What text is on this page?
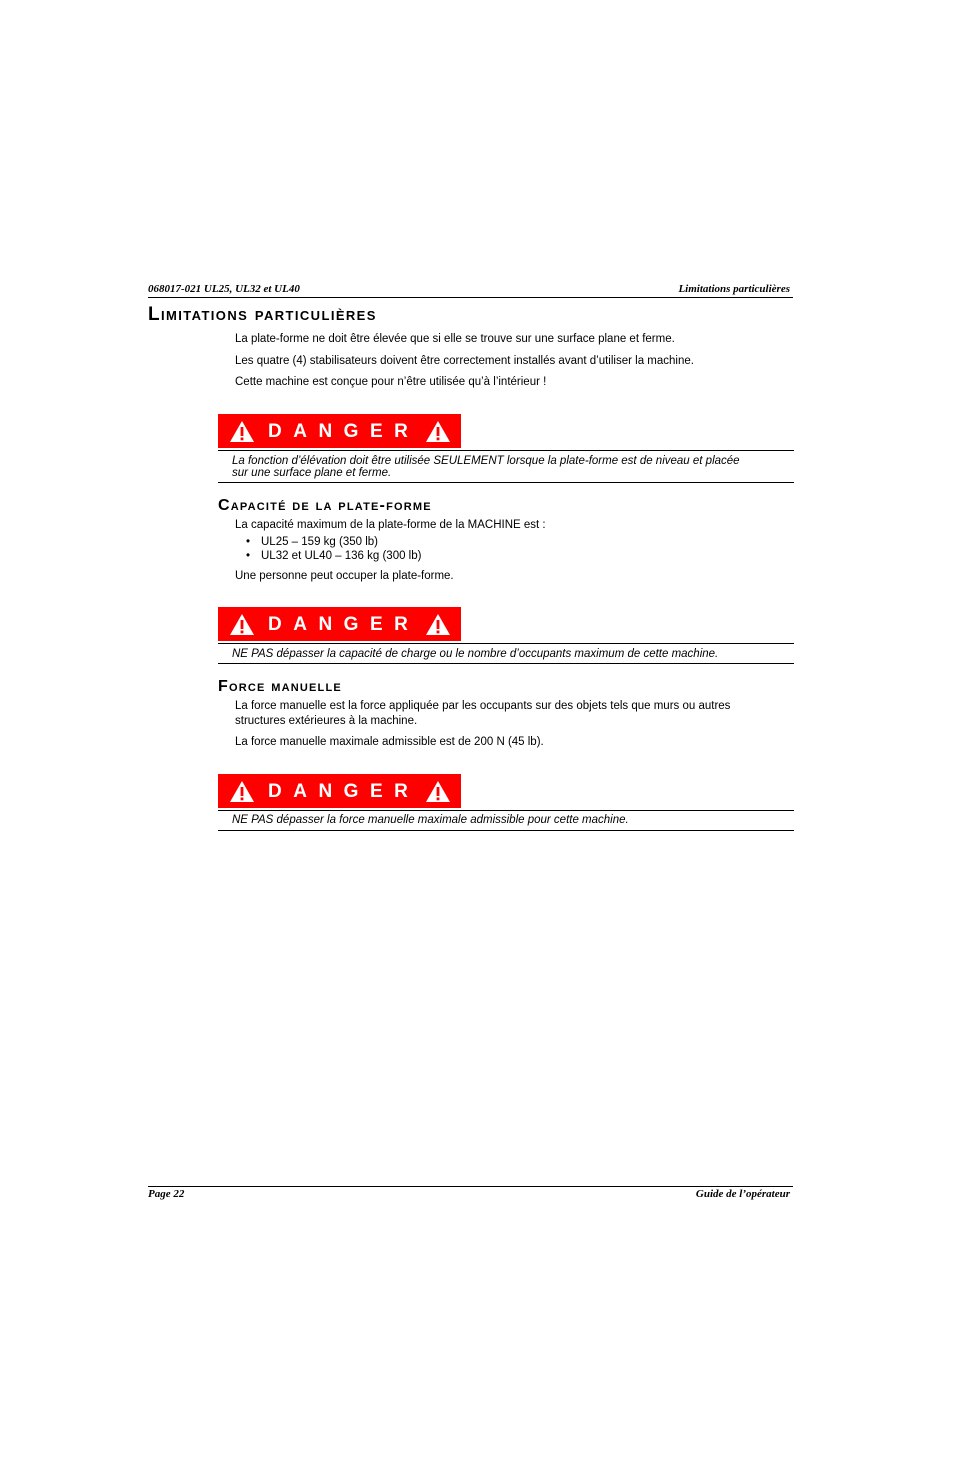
068017-021 UL25, UL32 et UL40	Limitations particulières
Limitations particulières
La plate-forme ne doit être élevée que si elle se trouve sur une surface plane et ferme.
Les quatre (4) stabilisateurs doivent être correctement installés avant d’utiliser la machine.
Cette machine est conçue pour n’être utilisée qu’à l’intérieur !
DANGER
La fonction d’élévation doit être utilisée SEULEMENT lorsque la plate-forme est de niveau et placée
sur une surface plane et ferme.
Capacité de la plate-forme
La capacité maximum de la plate-forme de la MACHINE est :
• UL25 – 159 kg (350 lb)
• UL32 et UL40 – 136 kg (300 lb)
Une personne peut occuper la plate-forme.
DANGER
NE PAS dépasser la capacité de charge ou le nombre d’occupants maximum de cette machine.
Force manuelle
La force manuelle est la force appliquée par les occupants sur des objets tels que murs ou autres
structures extérieures à la machine.
La force manuelle maximale admissible est de 200 N (45 lb).
DANGER
NE PAS dépasser la force manuelle maximale admissible pour cette machine.
Page 22	Guide de l’opérateur
